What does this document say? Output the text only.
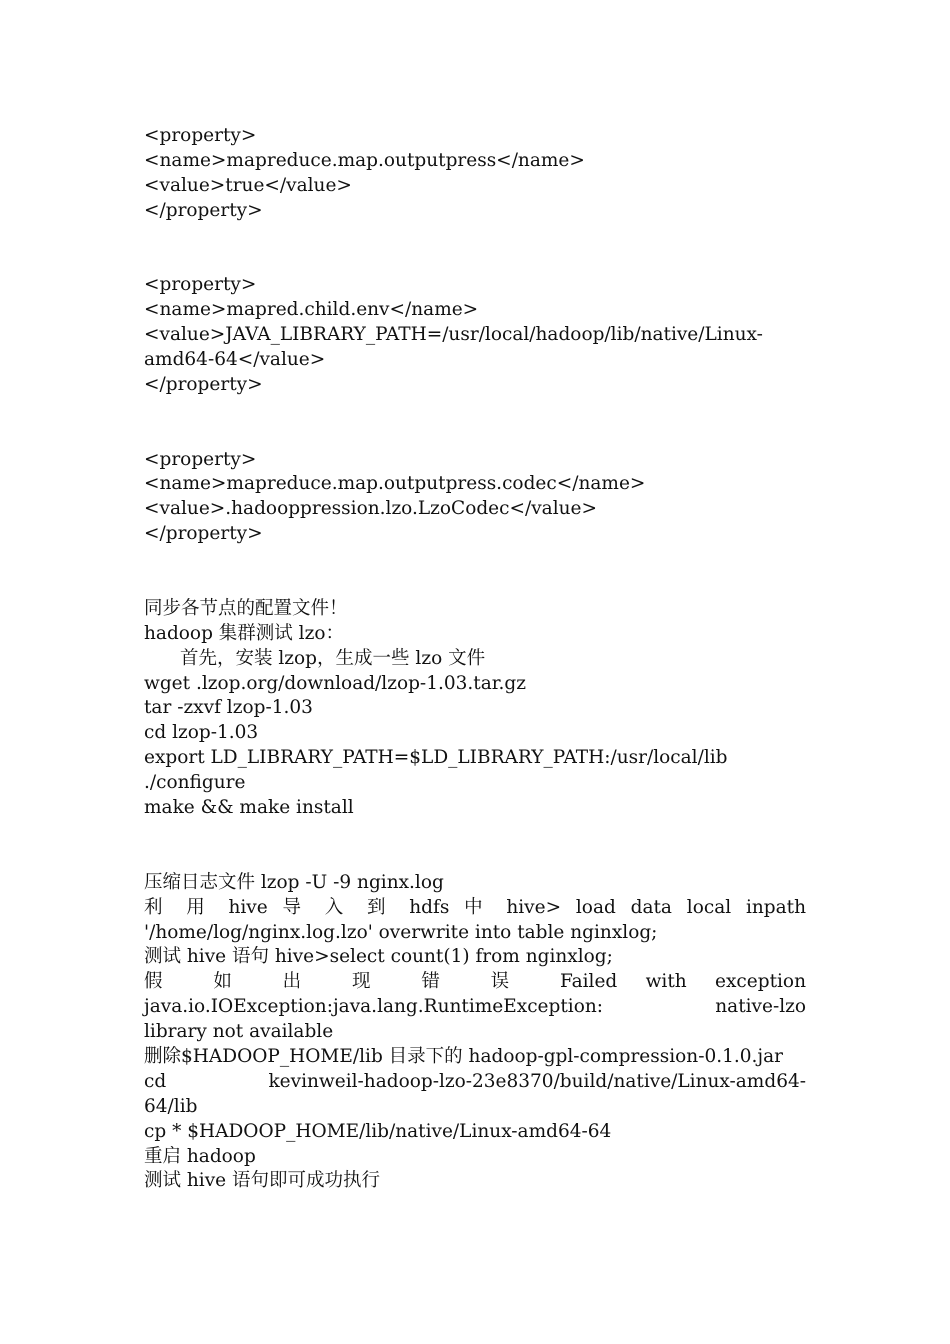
<property>
<name>mapreduce.map.outputpress</name>
<value>true</value>
</property>
<property>
<name>mapred.child.env</name>
<value>JAVA_LIBRARY_PATH=/usr/local/hadoop/lib/native/Linux-
amd64-64</value>
</property>
<property>
<name>mapreduce.map.outputpress.codec</name>
<value>.hadooppression.lzo.LzoCodec</value>
</property>
同步各节点的配置文件！
hadoop 集群测试 lzo：
首先，安装 lzop，生成一些 lzo 文件
wget .lzop.org/download/lzop-1.03.tar.gz
tar -zxvf lzop-1.03
cd lzop-1.03
export LD_LIBRARY_PATH=$LD_LIBRARY_PATH:/usr/local/lib
./configure
make && make install
压缩日志文件 lzop -U -9 nginx.log
利 用 hive 导 入 到 hdfs 中 hive> load data local inpath
'/home/log/nginx.log.lzo' overwrite into table nginxlog;
测试 hive 语句 hive>select count(1) from nginxlog;
假 如 出 现 错 误 Failed with exception
java.io.IOException:java.lang.RuntimeException: native-lzo
library not available
删除$HADOOP_HOME/lib 目录下的 hadoop-gpl-compression-0.1.0.jar
cd kevinweil-hadoop-lzo-23e8370/build/native/Linux-amd64-
64/lib
cp * $HADOOP_HOME/lib/native/Linux-amd64-64
重启 hadoop
测试 hive 语句即可成功执行
